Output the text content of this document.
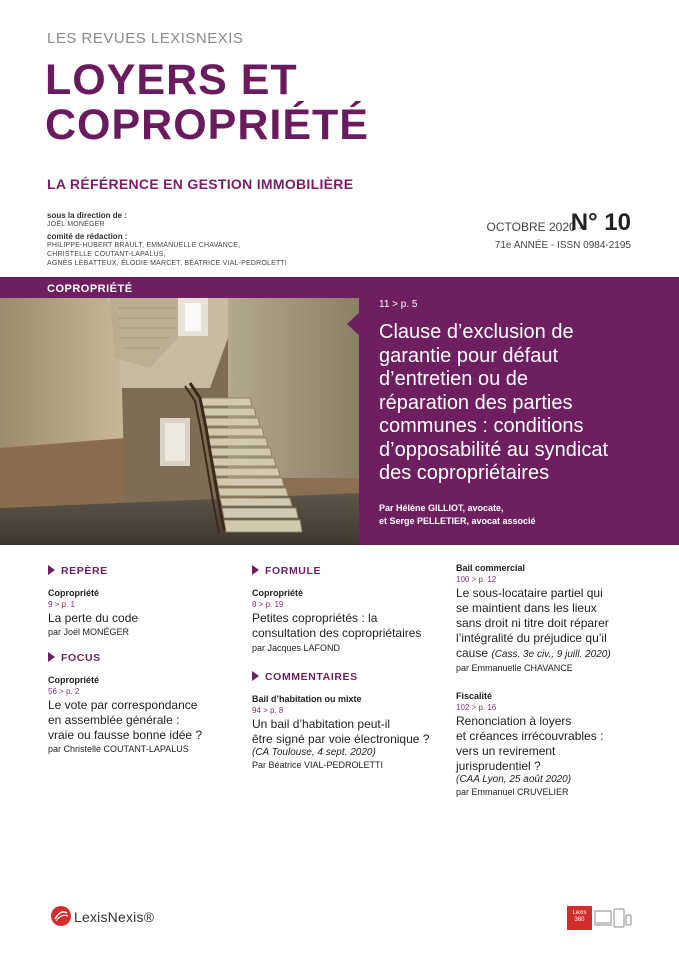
LES REVUES LEXISNEXIS
LOYERS ET
COPROPRIÉTÉ
LA RÉFÉRENCE EN GESTION IMMOBILIÈRE
sous la direction de :
JOËL MONÉGER
comité de rédaction :
PHILIPPE-HUBERT BRAULT, EMMANUELLE CHAVANCE,
CHRISTELLE COUTANT-LAPALUS,
AGNÈS LEBATTEUX, ÉLODIE MARCET, BÉATRICE VIAL-PEDROLETTI
OCTOBRE 2020 -
N° 10
71e ANNÉE - ISSN 0984-2195
COPROPRIÉTÉ
11 > p. 5
Clause d’exclusion de
garantie pour défaut
d’entretien ou de
réparation des parties
communes : conditions
d’opposabilité au syndicat
des copropriétaires
Par Hélène GILLIOT, avocate,
et Serge PELLETIER, avocat associé
REPÈRE
Copropriété
9 > p. 1
La perte du code
par Joël MONÉGER
FOCUS
Copropriété
56 > p. 2
Le vote par correspondance
en assemblée générale :
vraie ou fausse bonne idée ?
par Christelle COUTANT-LAPALUS
FORMULE
Copropriété
8 > p. 19
Petites copropriétés : la
consultation des copropriétaires
par Jacques LAFOND
COMMENTAIRES
Bail d’habitation ou mixte
94 > p. 8
Un bail d’habitation peut-il
être signé par voie électronique ?
(CA Toulouse, 4 sept. 2020)
Par Béatrice VIAL-PEDROLETTI
Bail commercial
100 > p. 12
Le sous-locataire partiel qui
se maintient dans les lieux
sans droit ni titre doit réparer
l’intégralité du préjudice qu’il
cause (Cass. 3e civ., 9 juill. 2020)
par Emmanuelle CHAVANCE
Fiscalité
102 > p. 16
Renonciation à loyers
et créances irrécouvrables :
vers un revirement
jurisprudentiel ?
(CAA Lyon, 25 août 2020)
par Emmanuel CRUVELIER
LexisNexis®	Lexis
360
